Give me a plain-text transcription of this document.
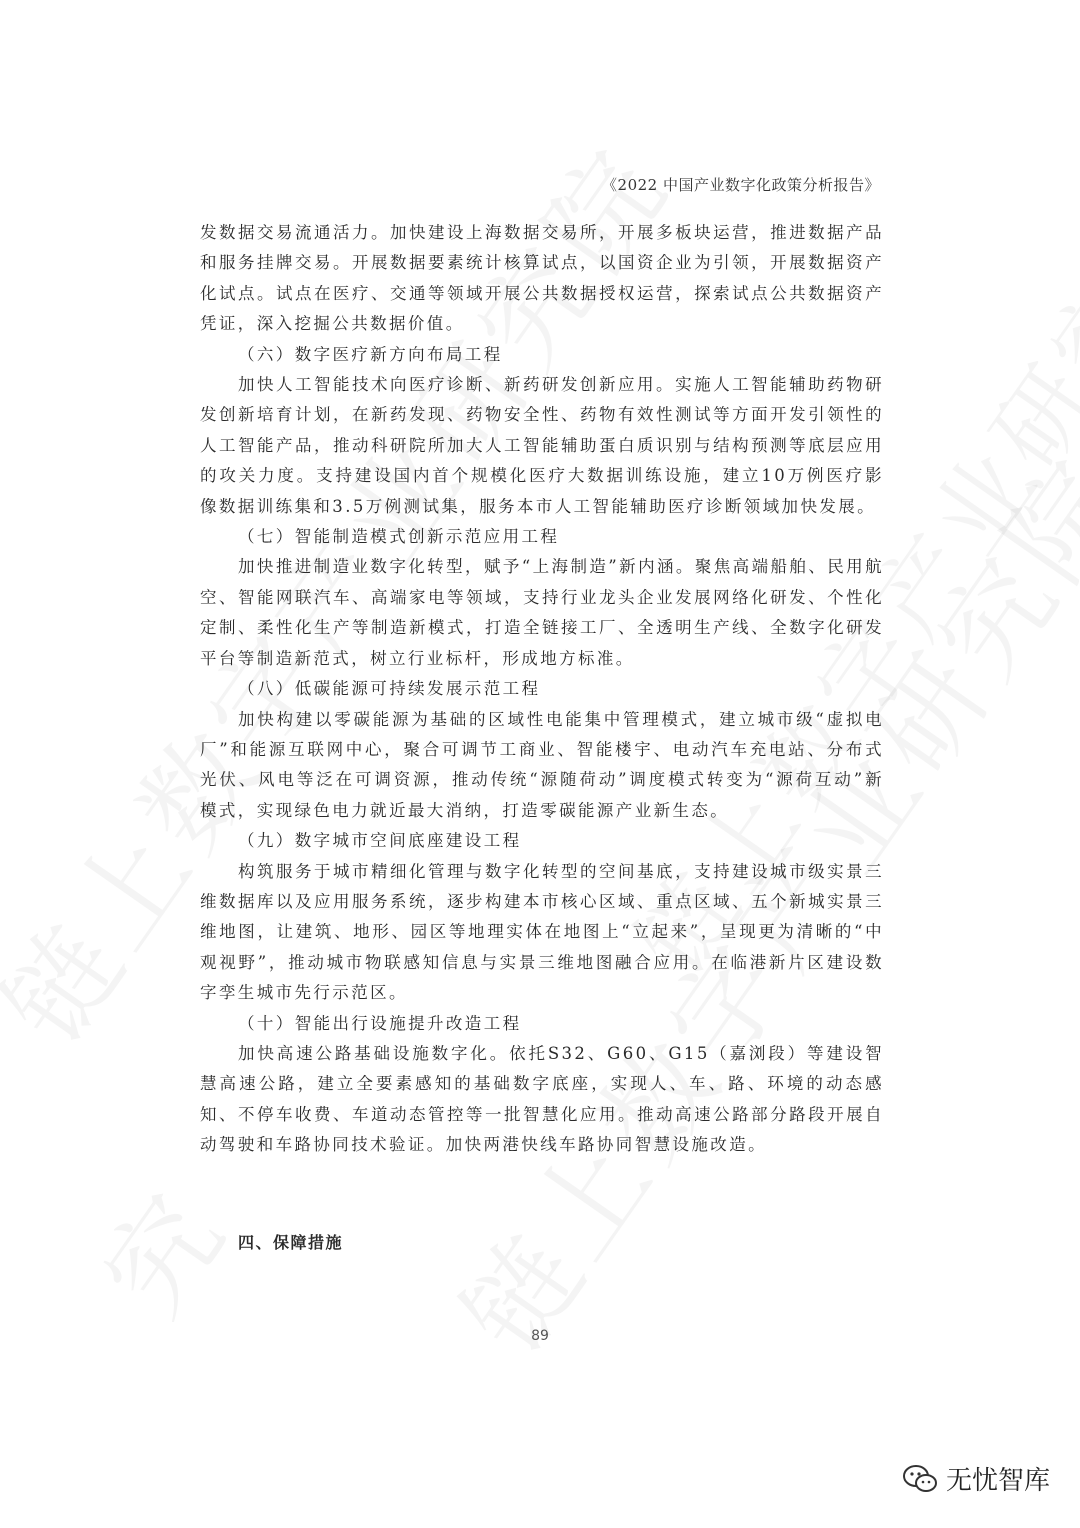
《2022 中国产业数字化政策分析报告》

发数据交易流通活力。加快建设上海数据交易所，开展多板块运营，推进数据产品和服务挂牌交易。开展数据要素统计核算试点，以国资企业为引领，开展数据资产化试点。试点在医疗、交通等领域开展公共数据授权运营，探索试点公共数据资产凭证，深入挖掘公共数据价值。

（六）数字医疗新方向布局工程

加快人工智能技术向医疗诊断、新药研发创新应用。实施人工智能辅助药物研发创新培育计划，在新药发现、药物安全性、药物有效性测试等方面开发引领性的人工智能产品，推动科研院所加大人工智能辅助蛋白质识别与结构预测等底层应用的攻关力度。支持建设国内首个规模化医疗大数据训练设施，建立10万例医疗影像数据训练集和3.5万例测试集，服务本市人工智能辅助医疗诊断领域加快发展。

（七）智能制造模式创新示范应用工程

加快推进制造业数字化转型，赋予“上海制造”新内涵。聚焦高端船舶、民用航空、智能网联汽车、高端家电等领域，支持行业龙头企业发展网络化研发、个性化定制、柔性化生产等制造新模式，打造全链接工厂、全透明生产线、全数字化研发平台等制造新范式，树立行业标杆，形成地方标准。

（八）低碳能源可持续发展示范工程

加快构建以零碳能源为基础的区域性电能集中管理模式，建立城市级“虚拟电厂”和能源互联网中心，聚合可调节工商业、智能楼宇、电动汽车充电站、分布式光伏、风电等泛在可调资源，推动传统“源随荷动”调度模式转变为“源荷互动”新模式，实现绿色电力就近最大消纳，打造零碳能源产业新生态。

（九）数字城市空间底座建设工程

构筑服务于城市精细化管理与数字化转型的空间基底，支持建设城市级实景三维数据库以及应用服务系统，逐步构建本市核心区域、重点区域、五个新城实景三维地图，让建筑、地形、园区等地理实体在地图上“立起来”，呈现更为清晰的“中观视野”，推动城市物联感知信息与实景三维地图融合应用。在临港新片区建设数字孪生城市先行示范区。

（十）智能出行设施提升改造工程

加快高速公路基础设施数字化。依托S32、G60、G15（嘉浏段）等建设智慧高速公路，建立全要素感知的基础数字底座，实现人、车、路、环境的动态感知、不停车收费、车道动态管控等一批智慧化应用。推动高速公路部分路段开展自动驾驶和车路协同技术验证。加快两港快线车路协同智慧设施改造。

四、保障措施
89
无忧智库
